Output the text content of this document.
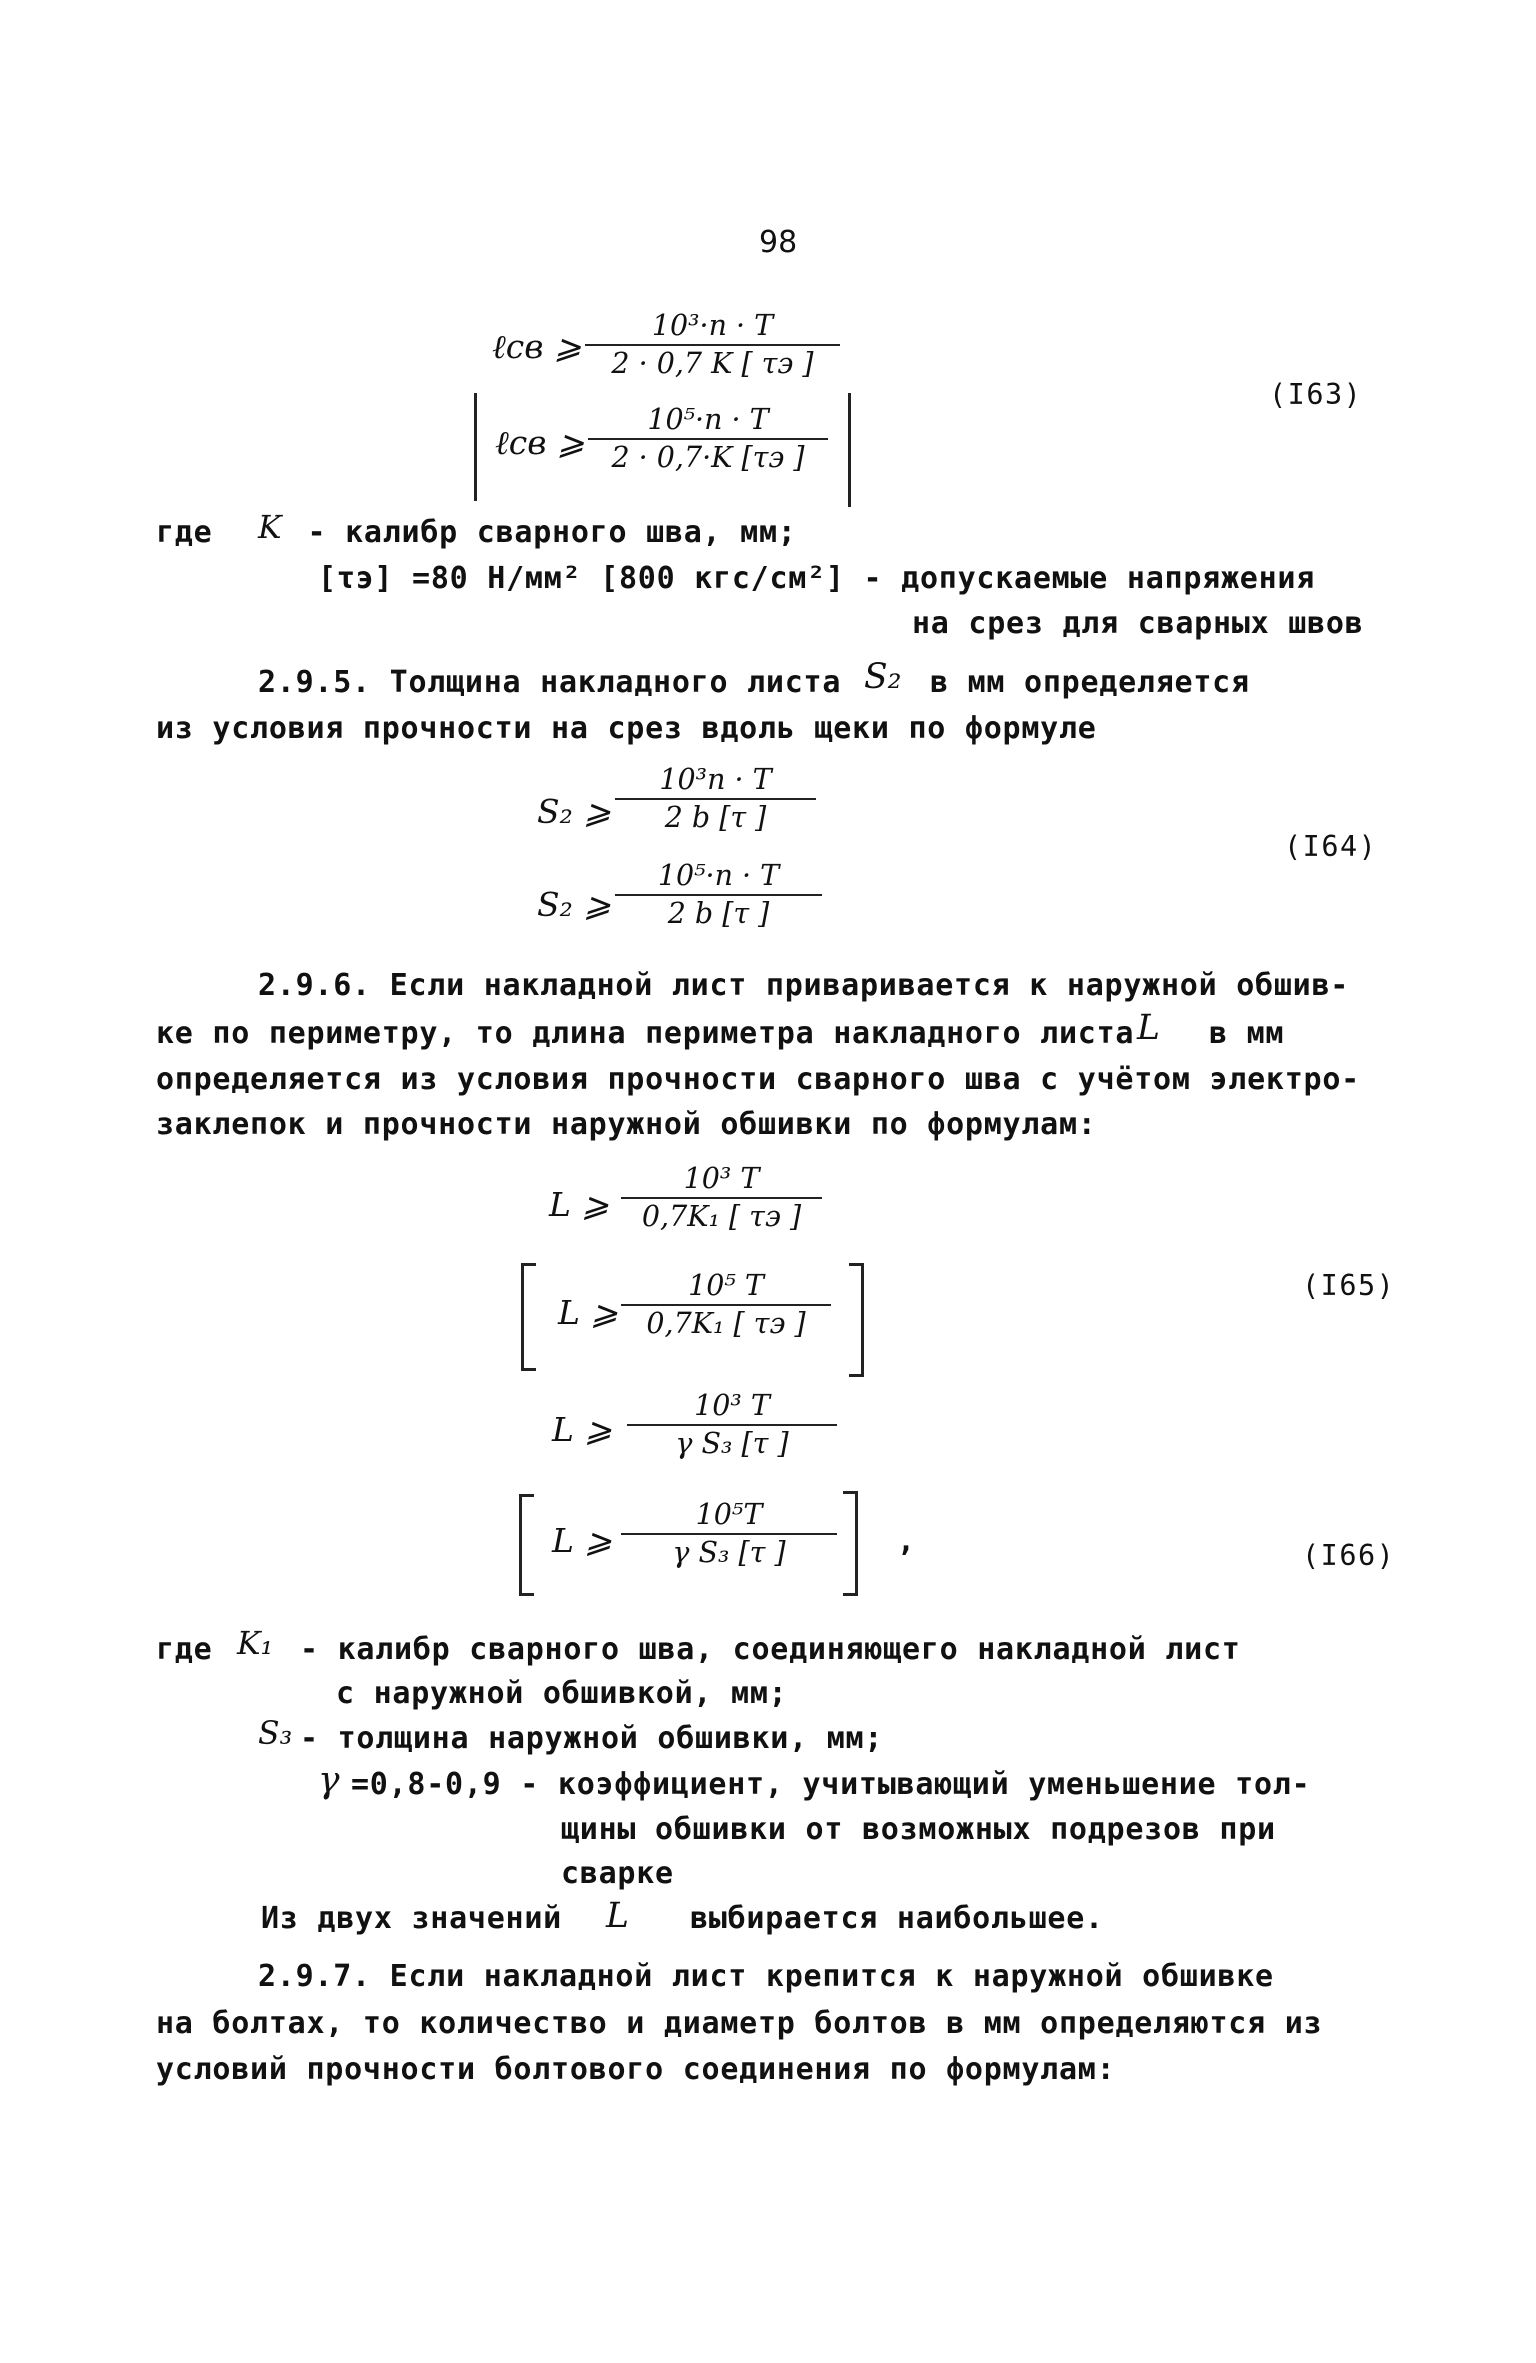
98
ℓсв ⩾
10³·n · T
2 · 0,7 K [ τэ ]
ℓсв ⩾
10⁵·n · T
2 · 0,7·K [τэ ]
(I63)
где K - калибр сварного шва, мм;
[τэ] =80 Н/мм² [800 кгс/см²] - допускаемые напряжения
на срез для сварных швов
2.9.5. Толщина накладного листа S₂ в мм определяется
из условия прочности на срез вдоль щеки по формуле
S₂ ⩾
10³n · T
2 b [τ ]
S₂ ⩾
10⁵·n · T
2 b [τ ]
(I64)
2.9.6. Если накладной лист приваривается к наружной обшив-
ке по периметру, то длина периметра накладного листа L в мм
определяется из условия прочности сварного шва с учётом электро-
заклепок и прочности наружной обшивки по формулам:
L ⩾
10³ T
0,7K₁ [ τэ ]
L ⩾
10⁵ T
0,7K₁ [ τэ ]
(I65)
L ⩾
10³ T
γ S₃ [τ ]
L ⩾
10⁵T
γ S₃ [τ ]	,	(I66)
где K₁ - калибр сварного шва, соединяющего накладной лист
с наружной обшивкой, мм;
S₃ - толщина наружной обшивки, мм;
γ =0,8-0,9 - коэффициент, учитывающий уменьшение тол-
щины обшивки от возможных подрезов при
сварке
Из двух значений L	выбирается наибольшее.
2.9.7. Если накладной лист крепится к наружной обшивке
на болтах, то количество и диаметр болтов в мм определяются из
условий прочности болтового соединения по формулам:
